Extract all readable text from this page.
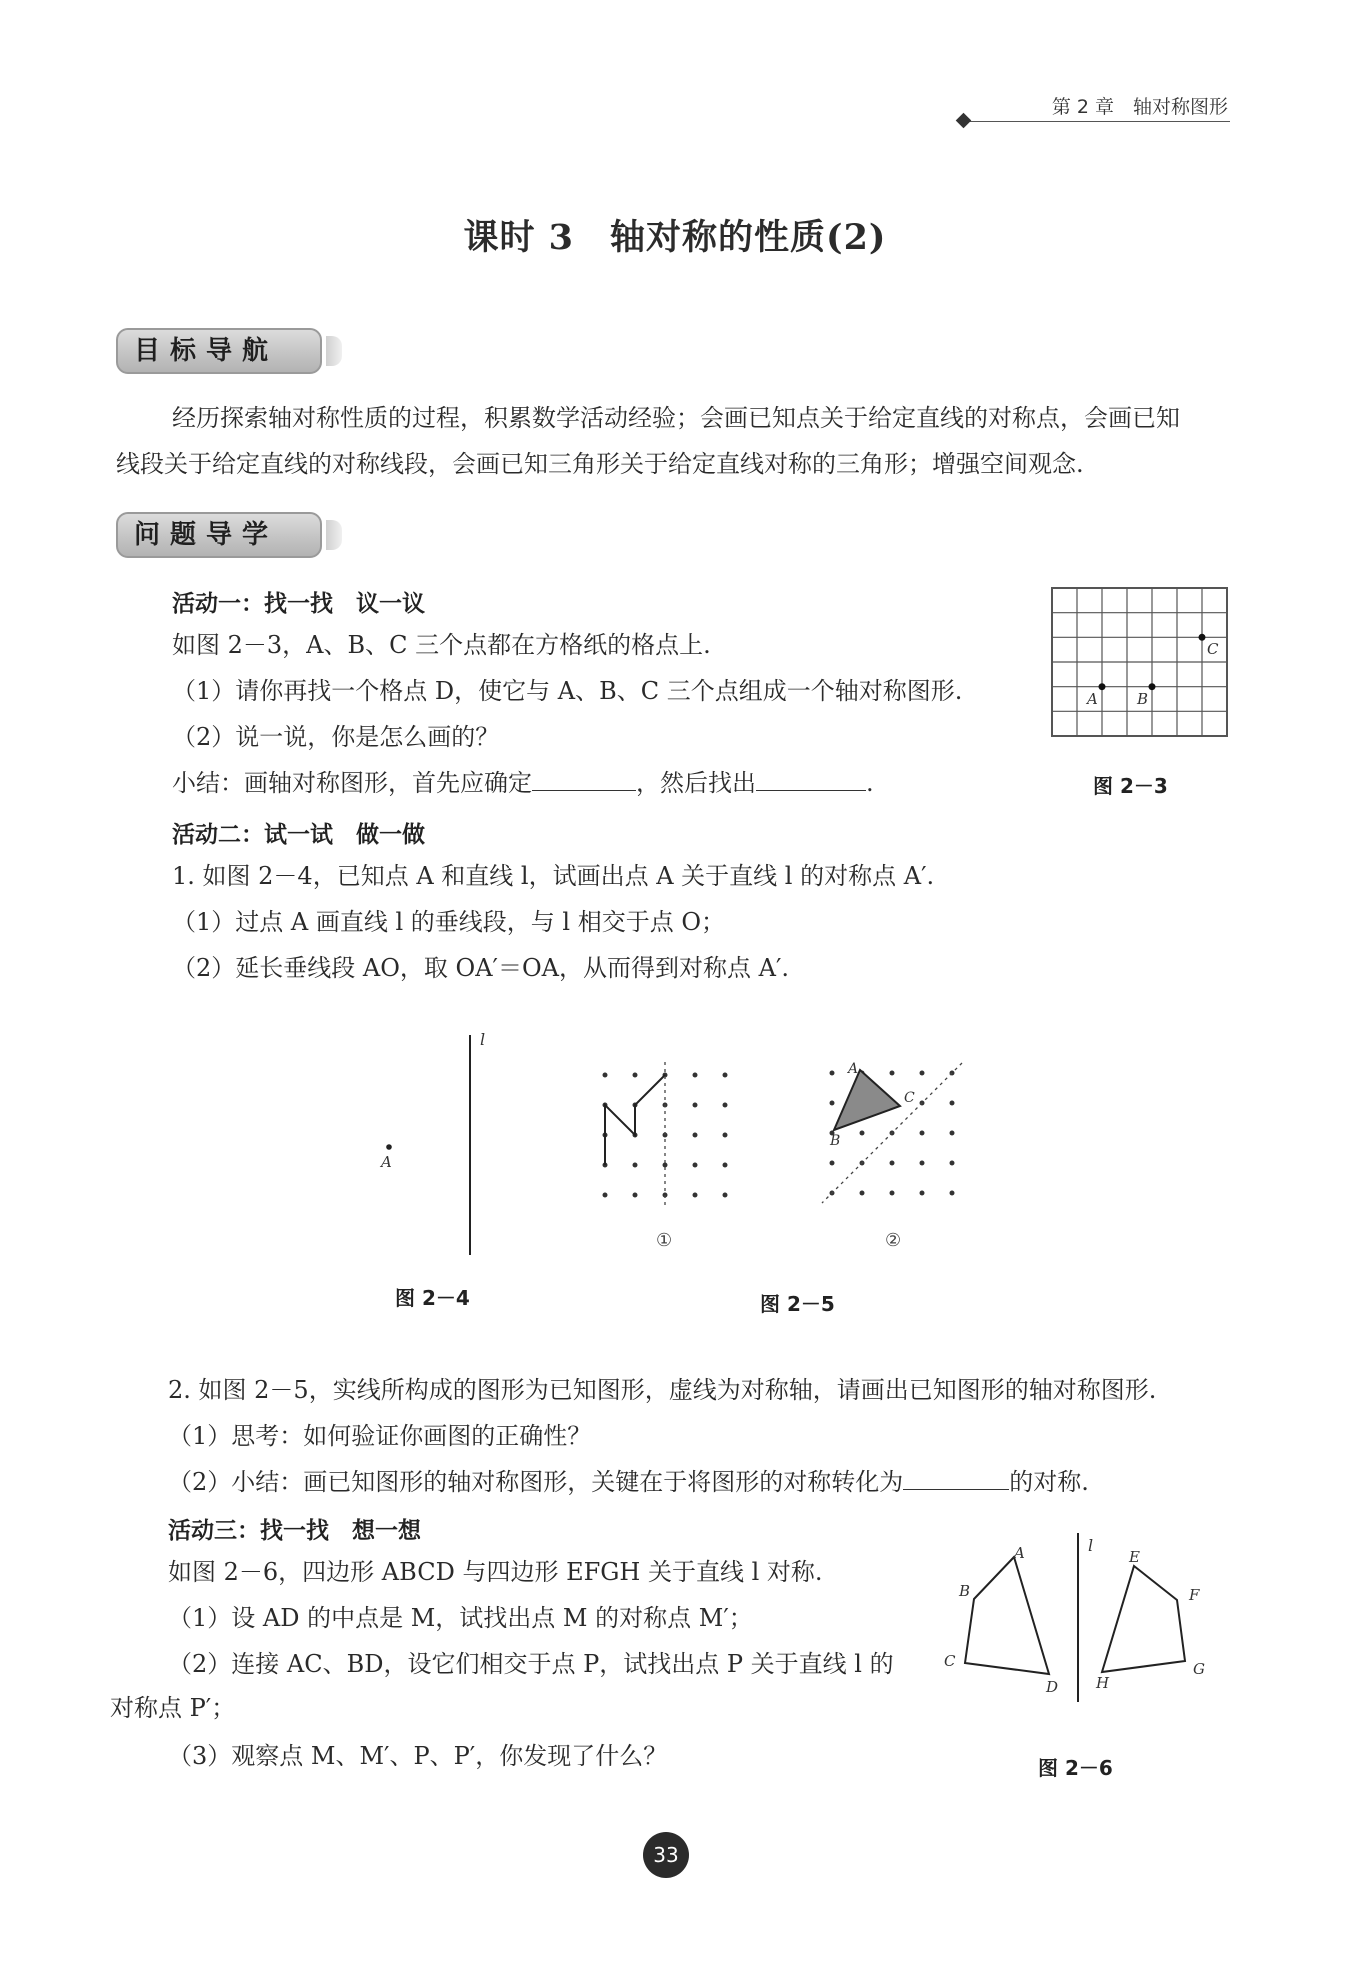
第 2 章　轴对称图形
课时 3　轴对称的性质(2)
目标导航
经历探索轴对称性质的过程，积累数学活动经验；会画已知点关于给定直线的对称点，会画已知
线段关于给定直线的对称线段，会画已知三角形关于给定直线对称的三角形；增强空间观念.
问题导学
活动一：找一找　议一议
如图 2－3，A、B、C 三个点都在方格纸的格点上.
（1）请你再找一个格点 D，使它与 A、B、C 三个点组成一个轴对称图形.
（2）说一说，你是怎么画的？
小结：画轴对称图形，首先应确定	，然后找出	.
A	B
C
图 2－3
活动二：试一试　做一做
1. 如图 2－4，已知点 A 和直线 l，试画出点 A 关于直线 l 的对称点 A′.
（1）过点 A 画直线 l 的垂线段，与 l 相交于点 O；
（2）延长垂线段 AO，取 OA′＝OA，从而得到对称点 A′.
l
A
图 2－4
①
A
C
B
②
图 2－5
2. 如图 2－5，实线所构成的图形为已知图形，虚线为对称轴，请画出已知图形的轴对称图形.
（1）思考：如何验证你画图的正确性？
（2）小结：画已知图形的轴对称图形，关键在于将图形的对称转化为	的对称.
活动三：找一找　想一想
如图 2－6，四边形 ABCD 与四边形 EFGH 关于直线 l 对称.
（1）设 AD 的中点是 M，试找出点 M 的对称点 M′；
（2）连接 AC、BD，设它们相交于点 P，试找出点 P 关于直线 l 的
对称点 P′；
（3）观察点 M、M′、P、P′，你发现了什么？
A
B
C
D
l
E
F
G
H
图 2－6
33
